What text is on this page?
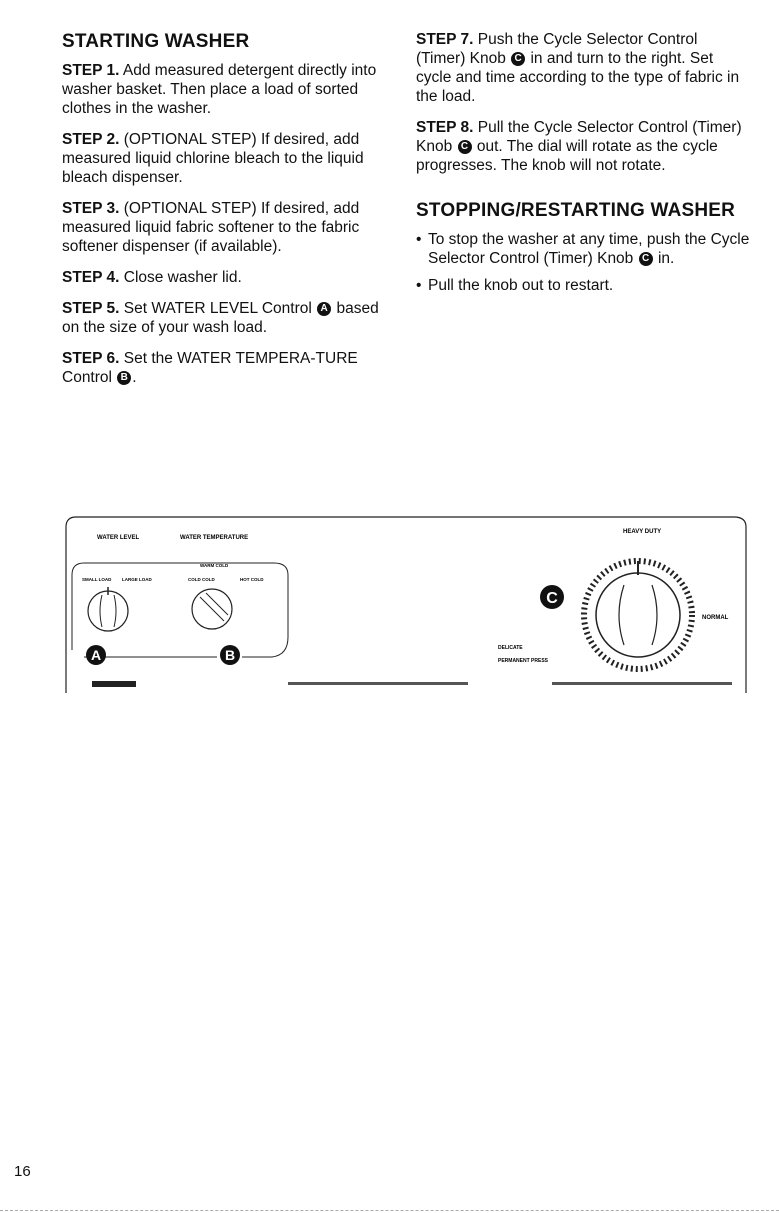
STARTING WASHER

STEP 1. Add measured detergent directly into washer basket. Then place a load of sorted clothes in the washer.

STEP 2. (OPTIONAL STEP) If desired, add measured liquid chlorine bleach to the liquid bleach dispenser.

STEP 3. (OPTIONAL STEP) If desired, add measured liquid fabric softener to the fabric softener dispenser (if available).

STEP 4. Close washer lid.

STEP 5. Set WATER LEVEL Control A based on the size of your wash load.

STEP 6. Set the WATER TEMPERA-TURE Control B .

STEP 7. Push the Cycle Selector Control (Timer) Knob C in and turn to the right. Set cycle and time according to the type of fabric in the load.

STEP 8. Pull the Cycle Selector Control (Timer) Knob C out. The dial will rotate as the cycle progresses. The knob will not rotate.

STOPPING/RESTARTING WASHER
• To stop the washer at any time, push the Cycle Selector Control (Timer) Knob C in.
• Pull the knob out to restart.
WATER LEVEL	WATER TEMPERATURE
SMALL LOAD LARGE LOAD	COLD COLD
WARM COLD
HOT COLD
A	B
C
HEAVY DUTY
NORMAL
DELICATE
PERMANENT PRESS
16
